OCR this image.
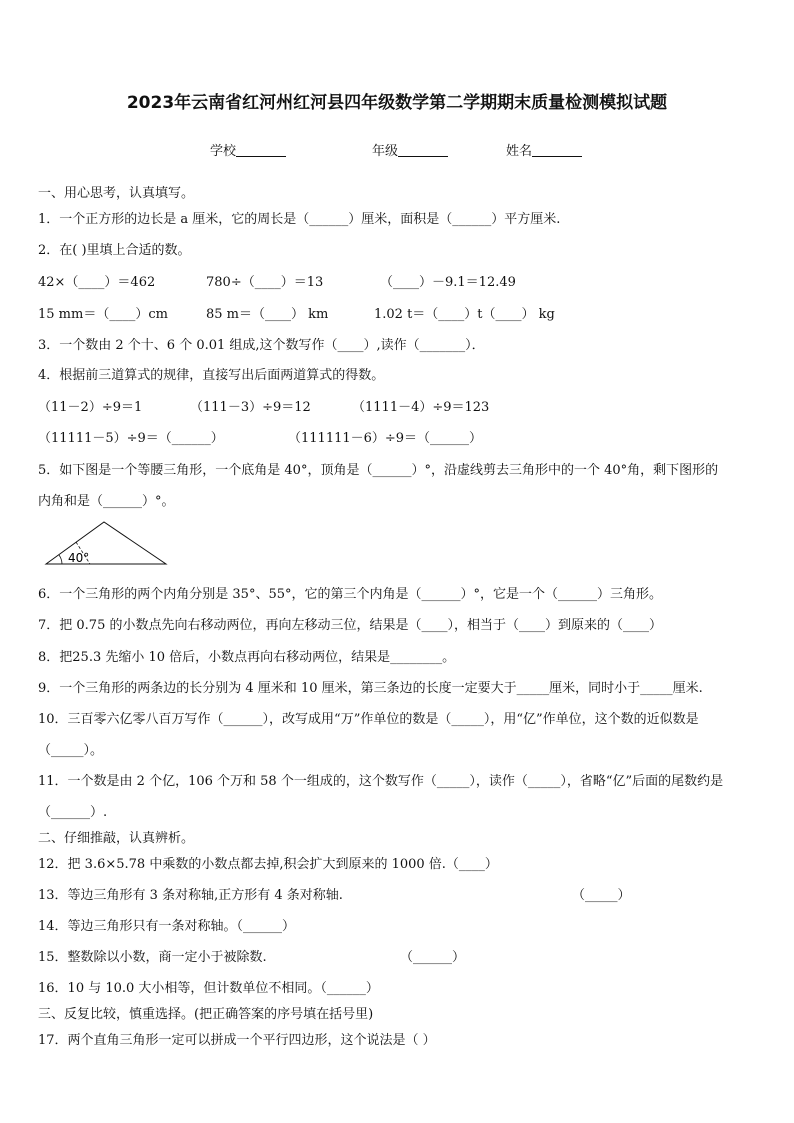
2023年云南省红河州红河县四年级数学第二学期期末质量检测模拟试题
学校	年级	姓名
一、用心思考，认真填写。
1．一个正方形的边长是 a 厘米，它的周长是（______）厘米，面积是（______）平方厘米.
2．在( )里填上合适的数。
42×（____）＝462	780÷（____）＝13	（____）－9.1＝12.49
15 mm＝（____）cm	85 m＝（____） km	1.02 t＝（____）t（____） kg
3．一个数由 2 个十、6 个 0.01 组成,这个数写作（____）,读作（_______）．
4．根据前三道算式的规律，直接写出后面两道算式的得数。
（11－2）÷9＝1	（111－3）÷9＝12	（1111－4）÷9＝123
（11111－5）÷9＝（______）	（111111－6）÷9＝（______）
5．如下图是一个等腰三角形，一个底角是 40°，顶角是（______）°，沿虚线剪去三角形中的一个 40°角，剩下图形的
内角和是（______）°。
40°
6．一个三角形的两个内角分别是 35°、55°，它的第三个内角是（______）°，它是一个（______）三角形。
7．把 0.75 的小数点先向右移动两位，再向左移动三位，结果是（____），相当于（____）到原来的（____）
8．把25.3 先缩小 10 倍后，小数点再向右移动两位，结果是________。
9．一个三角形的两条边的长分别为 4 厘米和 10 厘米，第三条边的长度一定要大于_____厘米，同时小于_____厘米.
10．三百零六亿零八百万写作（______），改写成用“万”作单位的数是（_____），用“亿”作单位，这个数的近似数是
（_____）。
11．一个数是由 2 个亿，106 个万和 58 个一组成的，这个数写作（_____），读作（_____），省略“亿”后面的尾数约是
（______）.
二、仔细推敲，认真辨析。
12．把 3.6×5.78 中乘数的小数点都去掉,积会扩大到原来的 1000 倍.（____）
13．等边三角形有 3 条对称轴,正方形有 4 条对称轴.	（_____）
14．等边三角形只有一条对称轴。（______）
15．整数除以小数，商一定小于被除数.	（______）
16．10 与 10.0 大小相等，但计数单位不相同。（______）
三、反复比较，慎重选择。(把正确答案的序号填在括号里)
17．两个直角三角形一定可以拼成一个平行四边形，这个说法是（ ）
